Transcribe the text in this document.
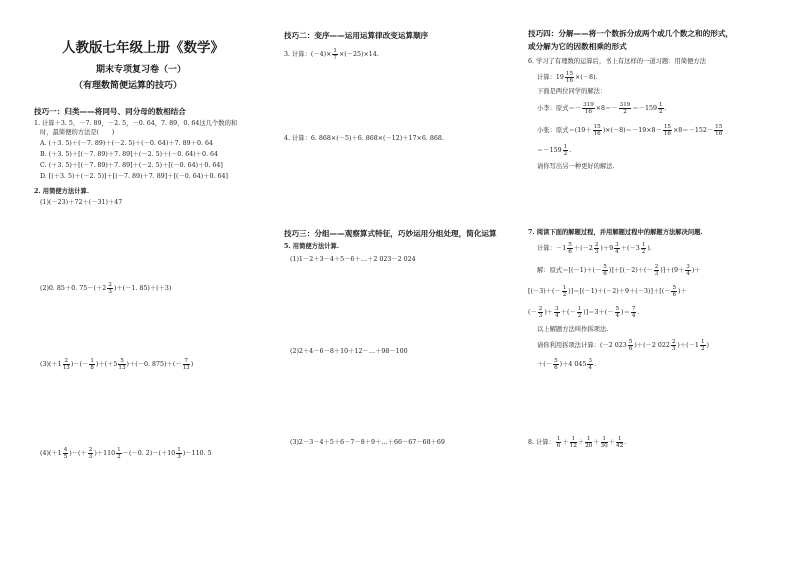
人教版七年级上册《数学》
期末专项复习卷（一）
（有理数简便运算的技巧）
技巧一：归类——将同号、同分母的数相结合
1. 计算＋3. 5，－7. 89，－2. 5，－0. 64，7. 89，0. 64这几个数的和
时，最简便的方法是(　　)
A. (＋3. 5)＋(－7. 89)＋(－2. 5)＋(－0. 64)＋7. 89＋0. 64
B. (＋3. 5)＋[(－7. 89)＋7. 89]＋(－2. 5)＋(－0. 64)＋0. 64
C. (＋3. 5)＋[(－7. 89)＋7. 89]＋(－2. 5)＋[(－0. 64)＋0. 64]
D. [(＋3. 5)＋(－2. 5)]＋[(－7. 89)＋7. 89]＋[(－0. 64)＋0. 64]
2. 用简便方法计算.
(1)(－23)＋72＋(－31)＋47
(2)0. 85＋0. $75-(+2 \frac{2}{3} )+(-1$. 85)＋(＋3)
$(3)(+1 \frac{2}{13}$ )－(－ $\frac{1}{8} )+(+5 \frac{5}{13} )+(-0$. $875)+(- \frac{7}{13}$ )
$(4)(+1 \frac{4}{5}$ )－(＋ $\frac{2}{3} )+110 \frac{1}{2} -(-0$. $2)-(+10 \frac{1}{3} )-110$. 5
技巧二：变序——运用运算律改变运算顺序
3. 计算：$(-4)\times \frac{1}{7} \times(-25)\times 14$.
4. 计算：6. 868×(－5)＋6. 868×(－12)＋17×6. 868.
技巧三：分组——观察算式特征，巧妙运用分组处理，简化运算
5. 用简便方法计算.
(1)1－2＋3－4＋5－6＋…＋2 023－2 024
(2)2＋4－6－8＋10＋12－…＋98－100
(3)2－3－4＋5＋6－7－8＋9＋…＋66－67－68＋69
技巧四：分解——将一个数拆分成两个或几个数之和的形式，
或分解为它的因数相乘的形式
6. 学习了有理数的运算后，书上有这样的一道习题：用简便方法
计算：$19 \frac{15}{16} \times(-8)$.
下面是两位同学的解法：
小李：原式＝－ $\frac{319}{16} \times 8=- \frac{319}{2} =-159 \frac{1}{2}$ .
小张：原式$=(19+ \frac{15}{16} )\times(-8)=-19\times 8- \frac{15}{16} \times 8=-152- \frac{15}{16}$
$=-159 \frac{1}{2}$ .
请你写出另一种更好的解法.
7. 阅读下面的解题过程，并用解题过程中的解题方法解决问题.
计算：$-1 \frac{5}{6} +(-2 \frac{2}{3} )+9 \frac{3}{4} +(-3 \frac{1}{2}$ ).
解：原式$=[(-1)+(- \frac{5}{6} )]+[(-2)+(- \frac{2}{3} )]+(9+ \frac{3}{4}$ )＋
$[(-3)+(- \frac{1}{2} )]=[(-1)+(-2)+9+(-3)]+[(- \frac{5}{6}$ )＋
(－ $\frac{2}{3}$ )＋ $\frac{3}{4}$ ＋(－ $\frac{1}{2} )]=3+(- \frac{5}{4}$ )＝ $\frac{7}{4}$ .
以上解题方法叫作拆项法.
请你利用拆项法计算：(－2 $023 \frac{5}{6} )+(-2$ $022 \frac{2}{3} )+(-1 \frac{1}{2}$ )
＋(－ $\frac{5}{6} )+4$ $045 \frac{3}{4}$ .
8. 计算： $\frac{1}{6} + \frac{1}{12} + \frac{1}{20} + \frac{1}{30} + \frac{1}{42}$ .
